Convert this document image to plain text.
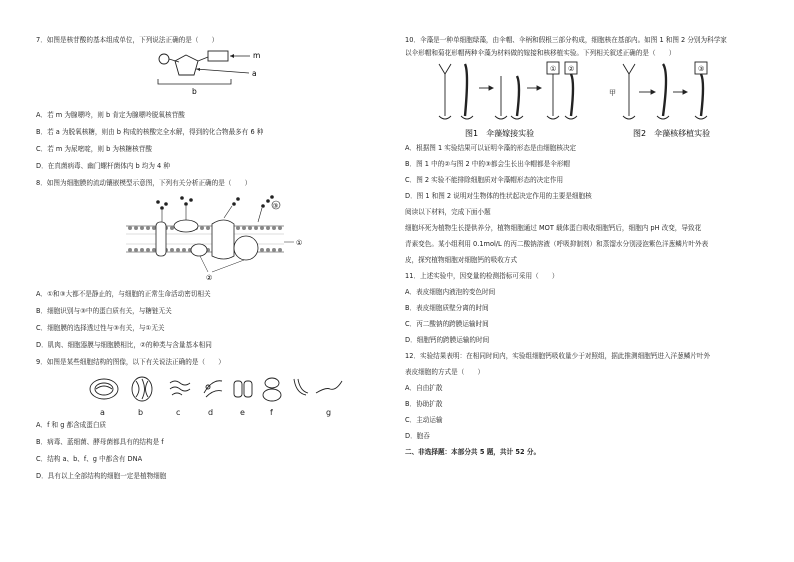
7．如图是核苷酸的基本组成单位，下列说法正确的是（　　）

m
a
b

A．若 m 为腺嘌呤，则 b 肯定为腺嘌呤脱氧核苷酸

B．若 a 为脱氧核糖，则由 b 构成的核酸完全水解，得到的化合物最多有 6 种

C．若 m 为尿嘧啶，则 b 为核糖核苷酸

D．在真菌病毒、幽门螺杆菌体内 b 均为 4 种

8．如图为细胞膜的流动镶嵌模型示意图，下列有关分析正确的是（　　）

③
①
②

A．①和③大都不是静止的，与细胞的正常生命活动密切相关

B．细胞识别与③中的蛋白质有关，与糖链无关

C．细胞膜的选择透过性与③有关，与①无关

D．肌肉、细胞器膜与细胞膜相比，②的种类与含量基本相同

9．如图是某些细胞结构的图像，以下有关说法正确的是（　　）

a	b	c	d	e	f	g

A．f 和 g 都含成蛋白质

B．病毒、蓝细菌、酵母菌都具有的结构是 f

C．结构 a、b、f、g 中都含有 DNA

D．具有以上全部结构的细胞一定是植物细胞

10．伞藻是一种单细胞绿藻，由伞帽、伞柄和假根三部分构成，细胞核在基部内。如图 1 和图 2 分别为科学家

以伞形帽和菊花形帽两种伞藻为材料做的嫁接和核移植实验。下列相关叙述正确的是（　　）

① ②	③
甲
图1　伞藻嫁接实验	图2　伞藻核移植实验

A．根据图 1 实验结果可以证明伞藻的形态是由细胞核决定

B．图 1 中的②与图 2 中的③都会生长出伞帽都是伞形帽

C．图 2 实验不能排除细胞质对伞藻帽形态的决定作用

D．图 1 和图 2 说明对生物体的性状起决定作用的主要是细胞核

阅读以下材料，完成下面小题

细胞坏死为植物生长提供养分，植物细胞通过 MOT 载体蛋白吸收细胞钙后，细胞内 pH 改变，导致花

青素变色。某小组利用 0.1mol/L 的丙二酸钠溶液（呼吸抑制剂）和蒸馏水分别浸泡紫色洋葱鳞片叶外表

皮，探究植物细胞对细胞钙的吸收方式

11．上述实验中，因变量的检测指标可采用（　　）

A．表皮细胞内液泡的变色时间

B．表皮细胞质壁分离的时间

C．丙二酸钠的跨膜运输时间

D．细胞钙的跨膜运输的时间

12．实验结果表明：在相同时间内，实验组细胞钙吸收量少于对照组，据此推测细胞钙进入洋葱鳞片叶外

表皮细胞的方式是（　　）

A．自由扩散

B．协助扩散

C．主动运输

D．胞吞

二、非选择题：本部分共 5 题，共计 52 分。
